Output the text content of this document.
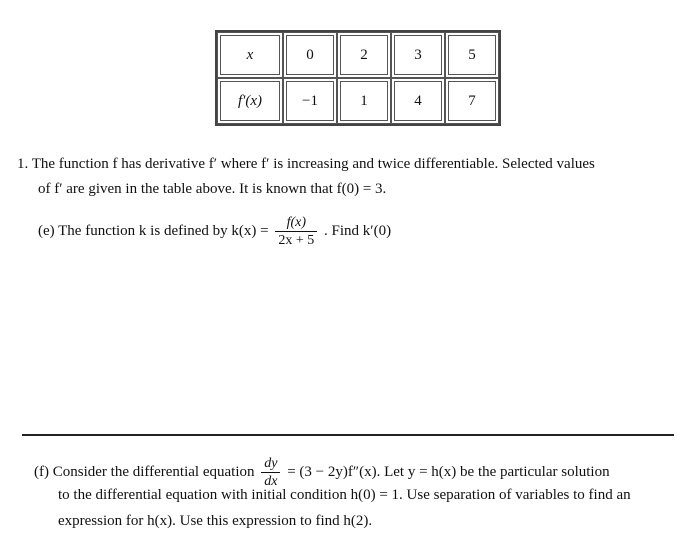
x	0	2	3	5
f′(x)	−1	1	4	7
1. The function f has derivative f′ where f′ is increasing and twice differentiable. Selected values
of f′ are given in the table above. It is known that f(0) = 3.
(e) The function k is defined by $k(x) = \frac{f(x)}{2x + 5}$ . Find k′(0)
(f) Consider the differential equation $\frac{dy}{dx} = (3 - 2y)f''(x)$. Let y = h(x) be the particular solution
to the differential equation with initial condition h(0) = 1. Use separation of variables to find an
expression for h(x). Use this expression to find h(2).
